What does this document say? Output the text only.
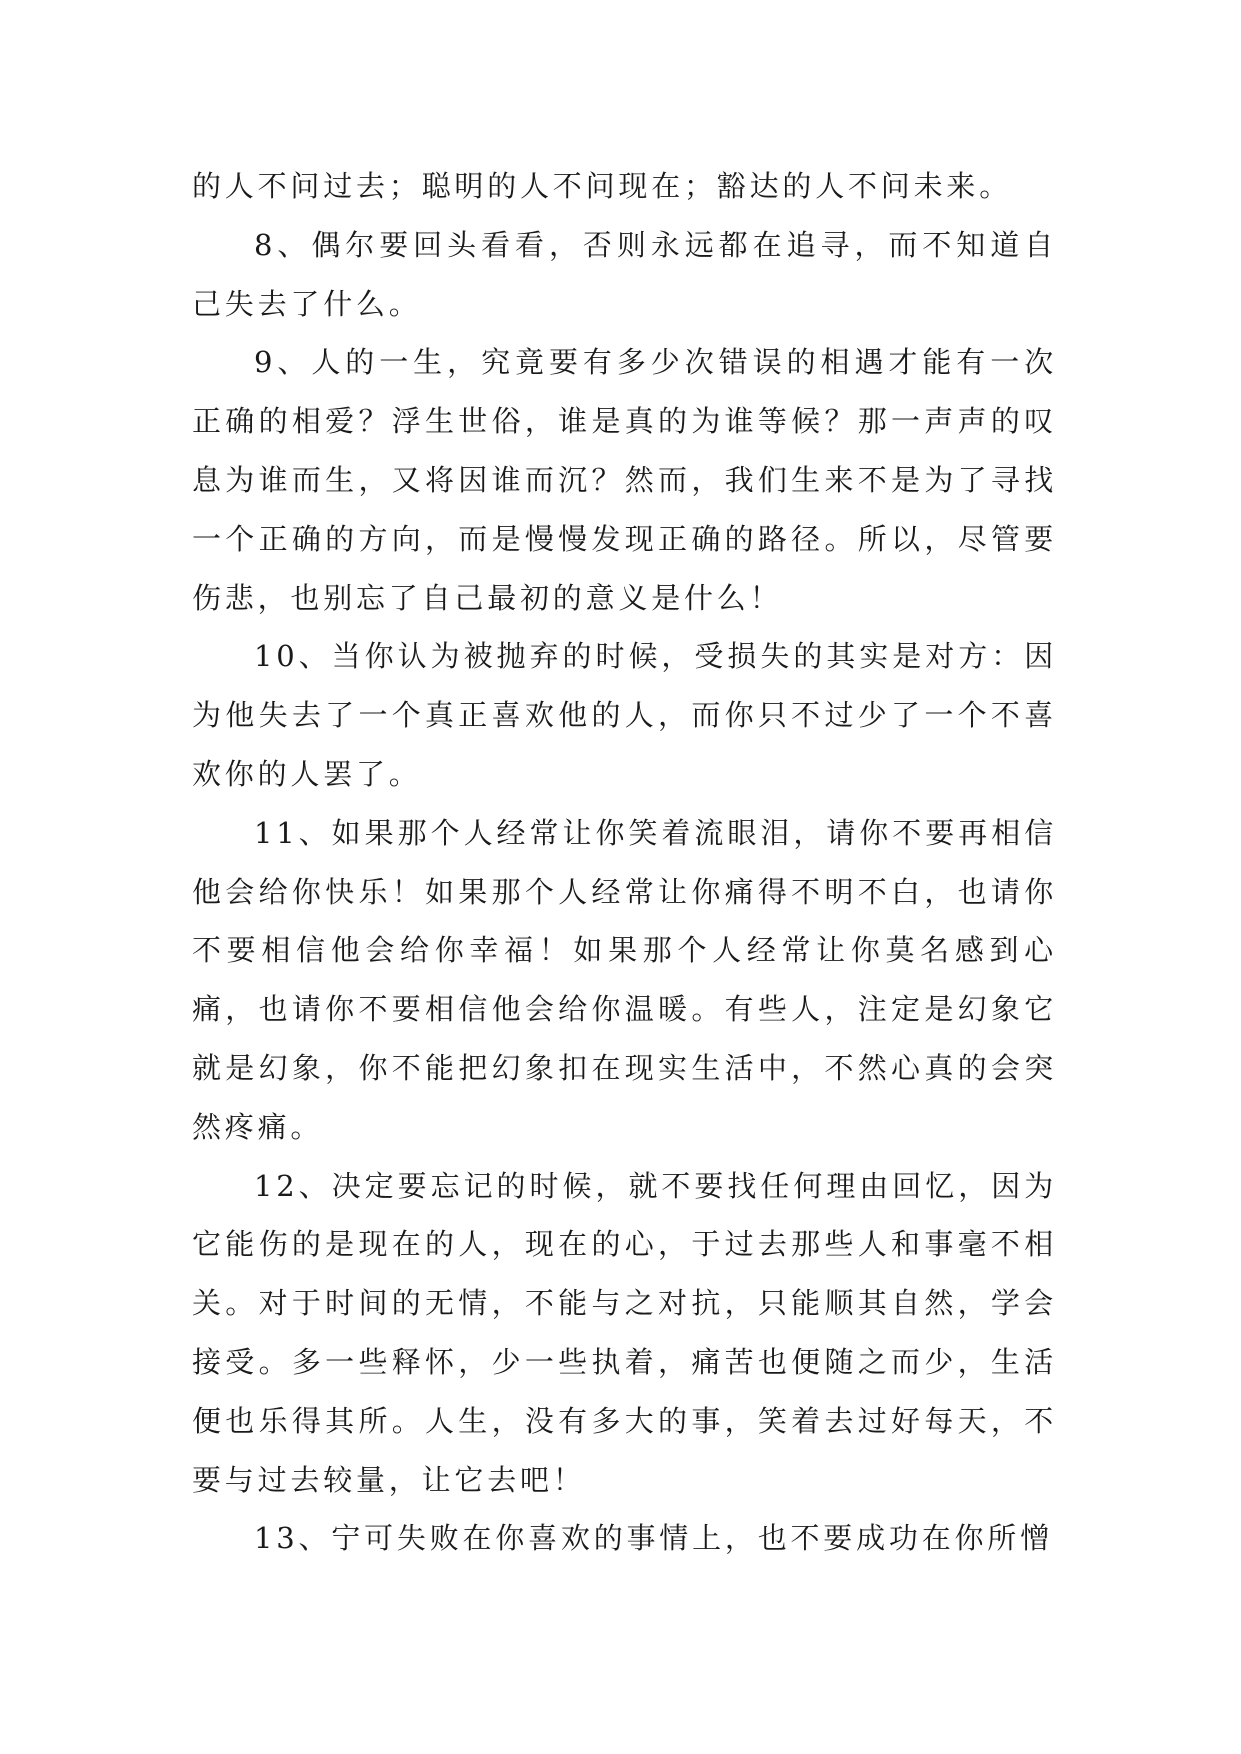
的人不问过去；聪明的人不问现在；豁达的人不问未来。

8、偶尔要回头看看，否则永远都在追寻，而不知道自己失去了什么。

9、人的一生，究竟要有多少次错误的相遇才能有一次正确的相爱？浮生世俗，谁是真的为谁等候？那一声声的叹息为谁而生，又将因谁而沉？然而，我们生来不是为了寻找一个正确的方向，而是慢慢发现正确的路径。所以，尽管要伤悲，也别忘了自己最初的意义是什么！

10、当你认为被抛弃的时候，受损失的其实是对方：因为他失去了一个真正喜欢他的人，而你只不过少了一个不喜欢你的人罢了。

11、如果那个人经常让你笑着流眼泪，请你不要再相信他会给你快乐！如果那个人经常让你痛得不明不白，也请你不要相信他会给你幸福！如果那个人经常让你莫名感到心痛，也请你不要相信他会给你温暖。有些人，注定是幻象它就是幻象，你不能把幻象扣在现实生活中，不然心真的会突然疼痛。

12、决定要忘记的时候，就不要找任何理由回忆，因为它能伤的是现在的人，现在的心，于过去那些人和事毫不相关。对于时间的无情，不能与之对抗，只能顺其自然，学会接受。多一些释怀，少一些执着，痛苦也便随之而少，生活便也乐得其所。人生，没有多大的事，笑着去过好每天，不要与过去较量，让它去吧！

13、宁可失败在你喜欢的事情上，也不要成功在你所憎
